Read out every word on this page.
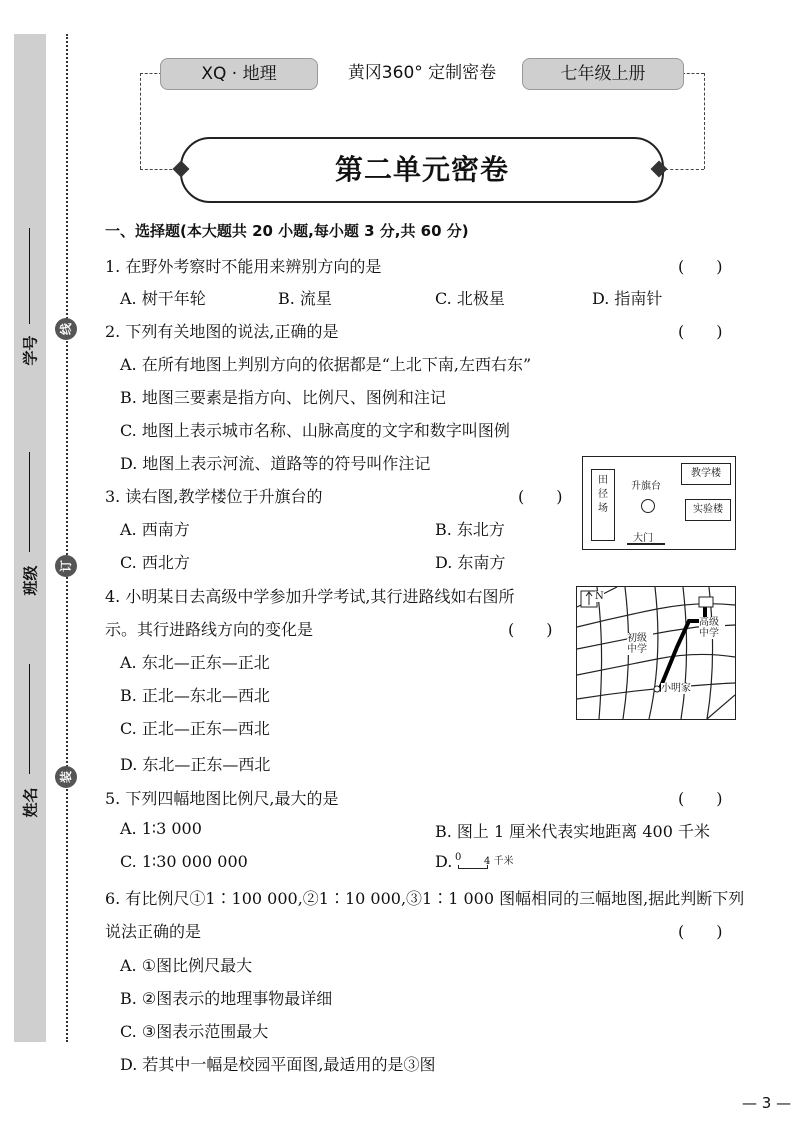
学号
班级
姓名
线
订
装
XQ · 地理	黄冈360° 定制密卷	七年级上册
第二单元密卷
一、选择题(本大题共 20 小题,每小题 3 分,共 60 分)
1. 在野外考察时不能用来辨别方向的是	(　　)
A. 树干年轮	B. 流星	C. 北极星	D. 指南针
2. 下列有关地图的说法,正确的是	(　　)
A. 在所有地图上判别方向的依据都是“上北下南,左西右东”
B. 地图三要素是指方向、比例尺、图例和注记
C. 地图上表示城市名称、山脉高度的文字和数字叫图例
D. 地图上表示河流、道路等的符号叫作注记
3. 读右图,教学楼位于升旗台的	(　　)
A. 西南方	B. 东北方
C. 西北方	D. 东南方
田径场
升旗台
教学楼
实验楼
大门
4. 小明某日去高级中学参加升学考试,其行进路线如右图所
示。其行进路线方向的变化是	(　　)
A. 东北—正东—正北
B. 正北—东北—西北
C. 正北—正东—西北
D. 东北—正东—西北
N
初级中学
高级中学
小明家
5. 下列四幅地图比例尺,最大的是	(　　)
A. 1∶3 000	B. 图上 1 厘米代表实地距离 400 千米
C. 1∶30 000 000	D. 0 4 千米
6. 有比例尺①1∶100 000,②1∶10 000,③1∶1 000 图幅相同的三幅地图,据此判断下列
说法正确的是	(　　)
A. ①图比例尺最大
B. ②图表示的地理事物最详细
C. ③图表示范围最大
D. 若其中一幅是校园平面图,最适用的是③图
— 3 —
